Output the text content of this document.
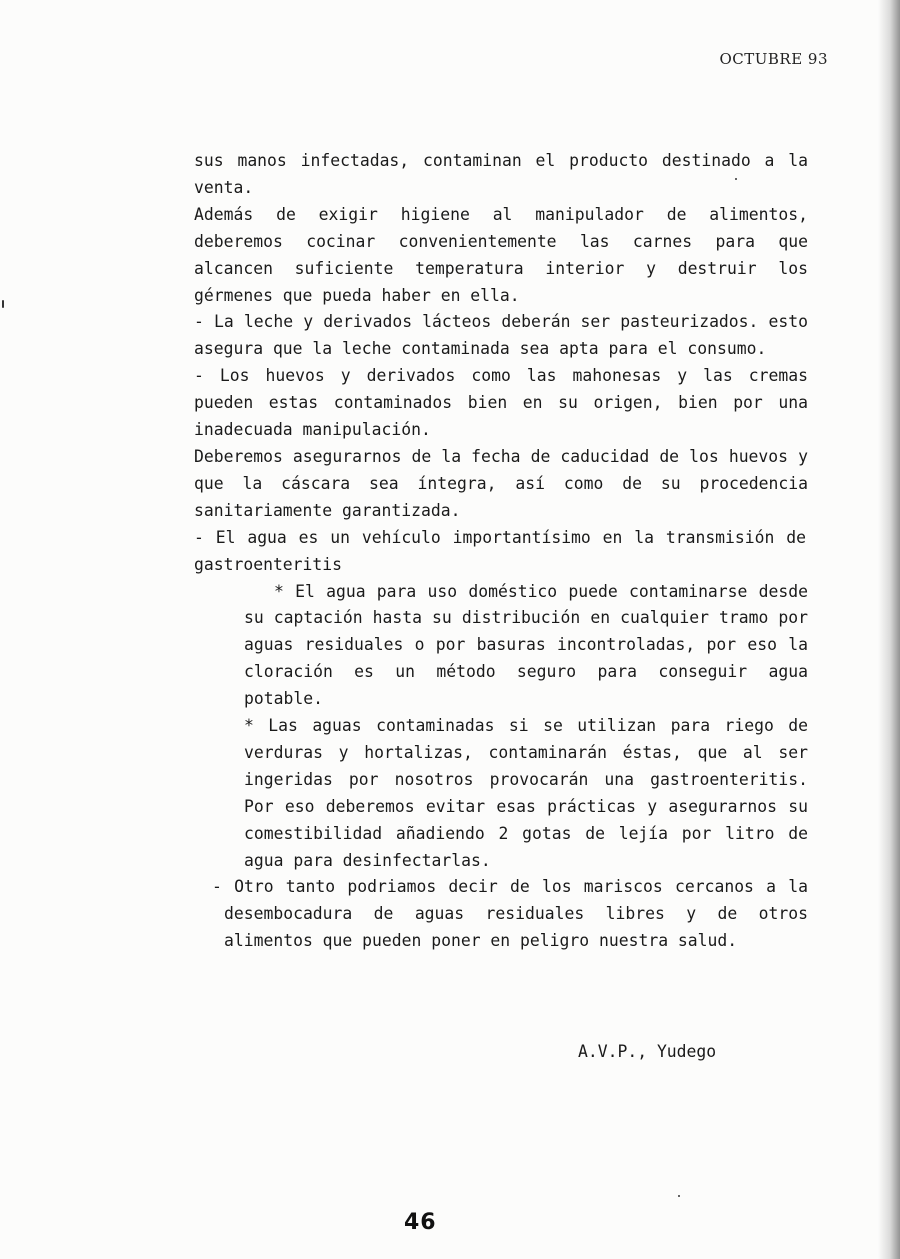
OCTUBRE 93

sus manos infectadas, contaminan el producto destinado a la venta.

Además de exigir higiene al manipulador de alimentos, deberemos cocinar convenientemente las carnes para que alcancen suficiente temperatura interior y destruir los gérmenes que pueda haber en ella.

- La leche y derivados lácteos deberán ser pasteurizados. esto asegura que la leche contaminada sea apta para el consumo.

- Los huevos y derivados como las mahonesas y las cremas pueden estas contaminados bien en su origen, bien por una inadecuada manipulación.

Deberemos asegurarnos de la fecha de caducidad de los huevos y que la cáscara sea íntegra, así como de su procedencia sanitariamente garantizada.

- El agua es un vehículo importantísimo en la transmisión de gastroenteritis

* El agua para uso doméstico puede contaminarse desde su captación hasta su distribución en cualquier tramo por aguas residuales o por basuras incontroladas, por eso la cloración es un método seguro para conseguir agua potable.

* Las aguas contaminadas si se utilizan para riego de verduras y hortalizas, contaminarán éstas, que al ser ingeridas por nosotros provocarán una gastroenteritis. Por eso deberemos evitar esas prácticas y asegurarnos su comestibilidad añadiendo 2 gotas de lejía por litro de agua para desinfectarlas.

- Otro tanto podriamos decir de los mariscos cercanos a la desembocadura de aguas residuales libres y de otros alimentos que pueden poner en peligro nuestra salud.

A.V.P., Yudego
46
